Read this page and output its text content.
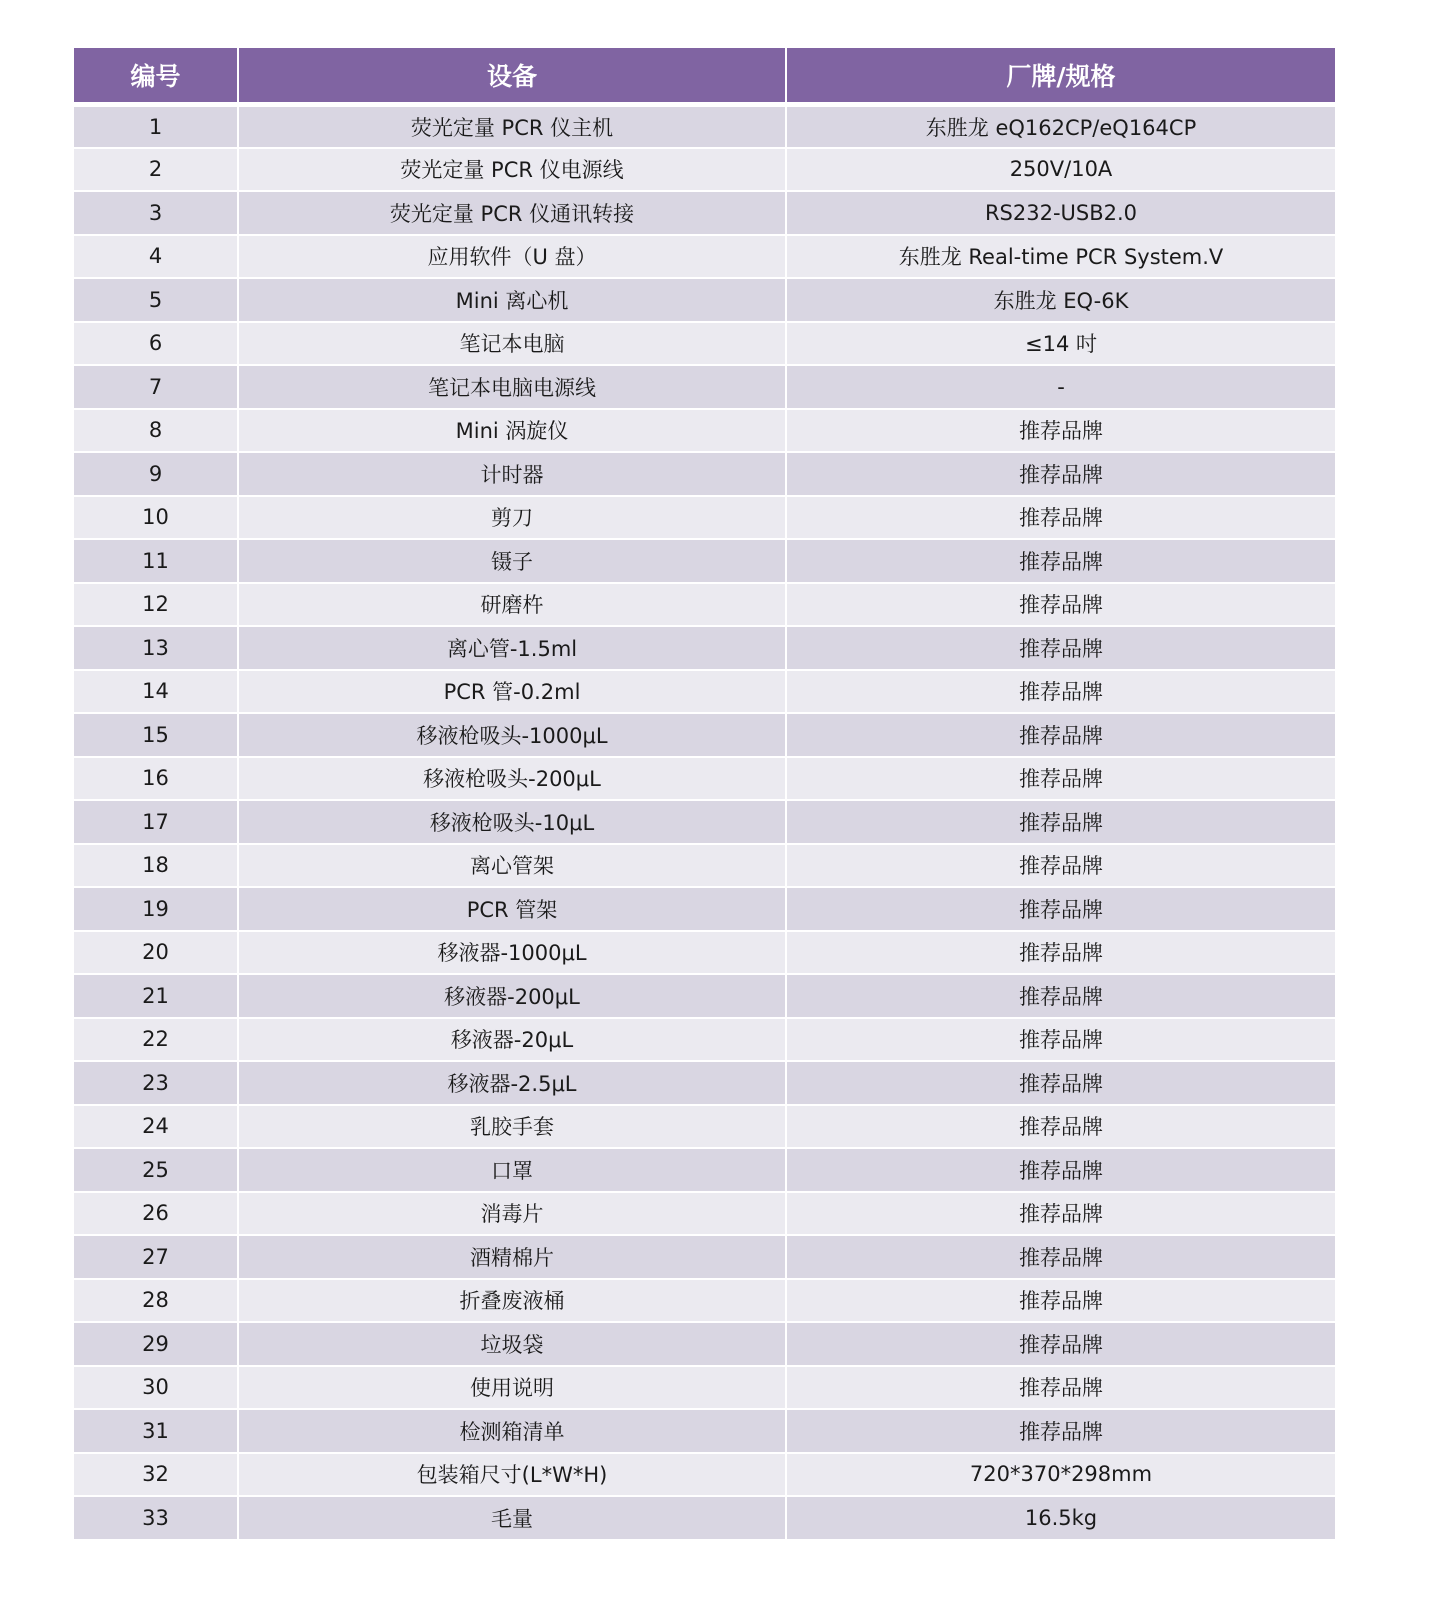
编号	设备	厂牌/规格
1	荧光定量 PCR 仪主机	东胜龙 eQ162CP/eQ164CP
2	荧光定量 PCR 仪电源线	250V/10A
3	荧光定量 PCR 仪通讯转接	RS232-USB2.0
4	应用软件（U 盘）	东胜龙 Real-time PCR System.V
5	Mini 离心机	东胜龙 EQ-6K
6	笔记本电脑	≤14 吋
7	笔记本电脑电源线	-
8	Mini 涡旋仪	推荐品牌
9	计时器	推荐品牌
10	剪刀	推荐品牌
11	镊子	推荐品牌
12	研磨杵	推荐品牌
13	离心管-1.5ml	推荐品牌
14	PCR 管-0.2ml	推荐品牌
15	移液枪吸头-1000μL	推荐品牌
16	移液枪吸头-200μL	推荐品牌
17	移液枪吸头-10μL	推荐品牌
18	离心管架	推荐品牌
19	PCR 管架	推荐品牌
20	移液器-1000μL	推荐品牌
21	移液器-200μL	推荐品牌
22	移液器-20μL	推荐品牌
23	移液器-2.5μL	推荐品牌
24	乳胶手套	推荐品牌
25	口罩	推荐品牌
26	消毒片	推荐品牌
27	酒精棉片	推荐品牌
28	折叠废液桶	推荐品牌
29	垃圾袋	推荐品牌
30	使用说明	推荐品牌
31	检测箱清单	推荐品牌
32	包装箱尺寸(L*W*H)	720*370*298mm
33	毛量	16.5kg
